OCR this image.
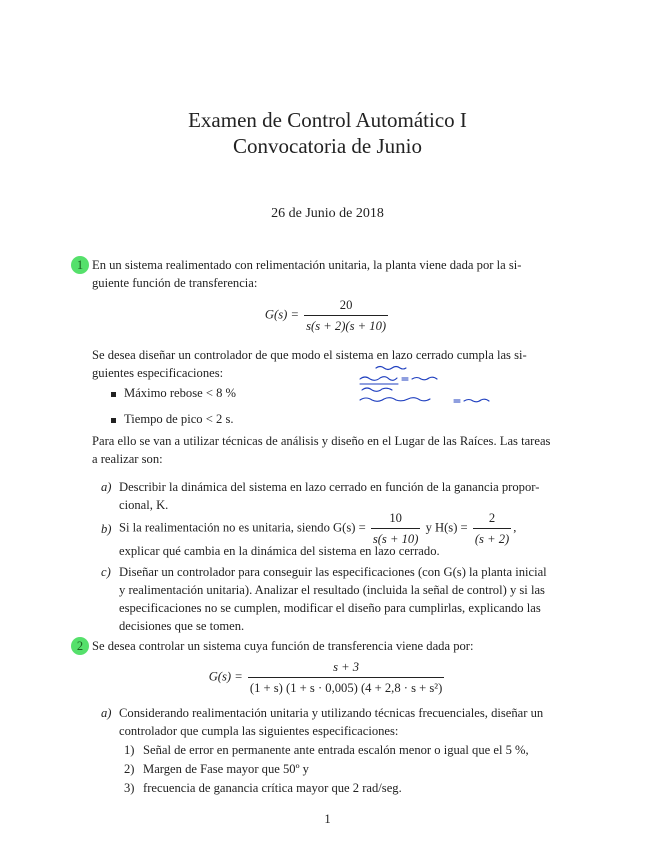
Examen de Control Automático I
Convocatoria de Junio
26 de Junio de 2018
1 En un sistema realimentado con relimentación unitaria, la planta viene dada por la si-
guiente función de transferencia:
$G(s) = \frac{20}{s(s + 2)(s + 10)}$
Se desea diseñar un controlador de que modo el sistema en lazo cerrado cumpla las si-
guientes especificaciones:
Máximo rebose < 8 %
Tiempo de pico < 2 s.
Para ello se van a utilizar técnicas de análisis y diseño en el Lugar de las Raíces. Las tareas
a realizar son:
a) Describir la dinámica del sistema en lazo cerrado en función de la ganancia propor-
cional, K.
b) Si la realimentación no es unitaria, siendo $G(s) = \frac{10}{s(s + 10)}$ y $H(s) = \frac{2}{(s + 2)}$ ,
explicar qué cambia en la dinámica del sistema en lazo cerrado.
c) Diseñar un controlador para conseguir las especificaciones (con G(s) la planta inicial
y realimentación unitaria). Analizar el resultado (incluida la señal de control) y si las
especificaciones no se cumplen, modificar el diseño para cumplirlas, explicando las
decisiones que se tomen.
2 Se desea controlar un sistema cuya función de transferencia viene dada por:
$G(s) = \frac{s + 3}{\text{(1 + s) (1 + s · 0,005) (4 + 2,8 · s + s²)}}$
a) Considerando realimentación unitaria y utilizando técnicas frecuenciales, diseñar un
controlador que cumpla las siguientes especificaciones:
1) Señal de error en permanente ante entrada escalón menor o igual que el 5 %,
2) Margen de Fase mayor que 50º y
3) frecuencia de ganancia crítica mayor que 2 rad/seg.
1
